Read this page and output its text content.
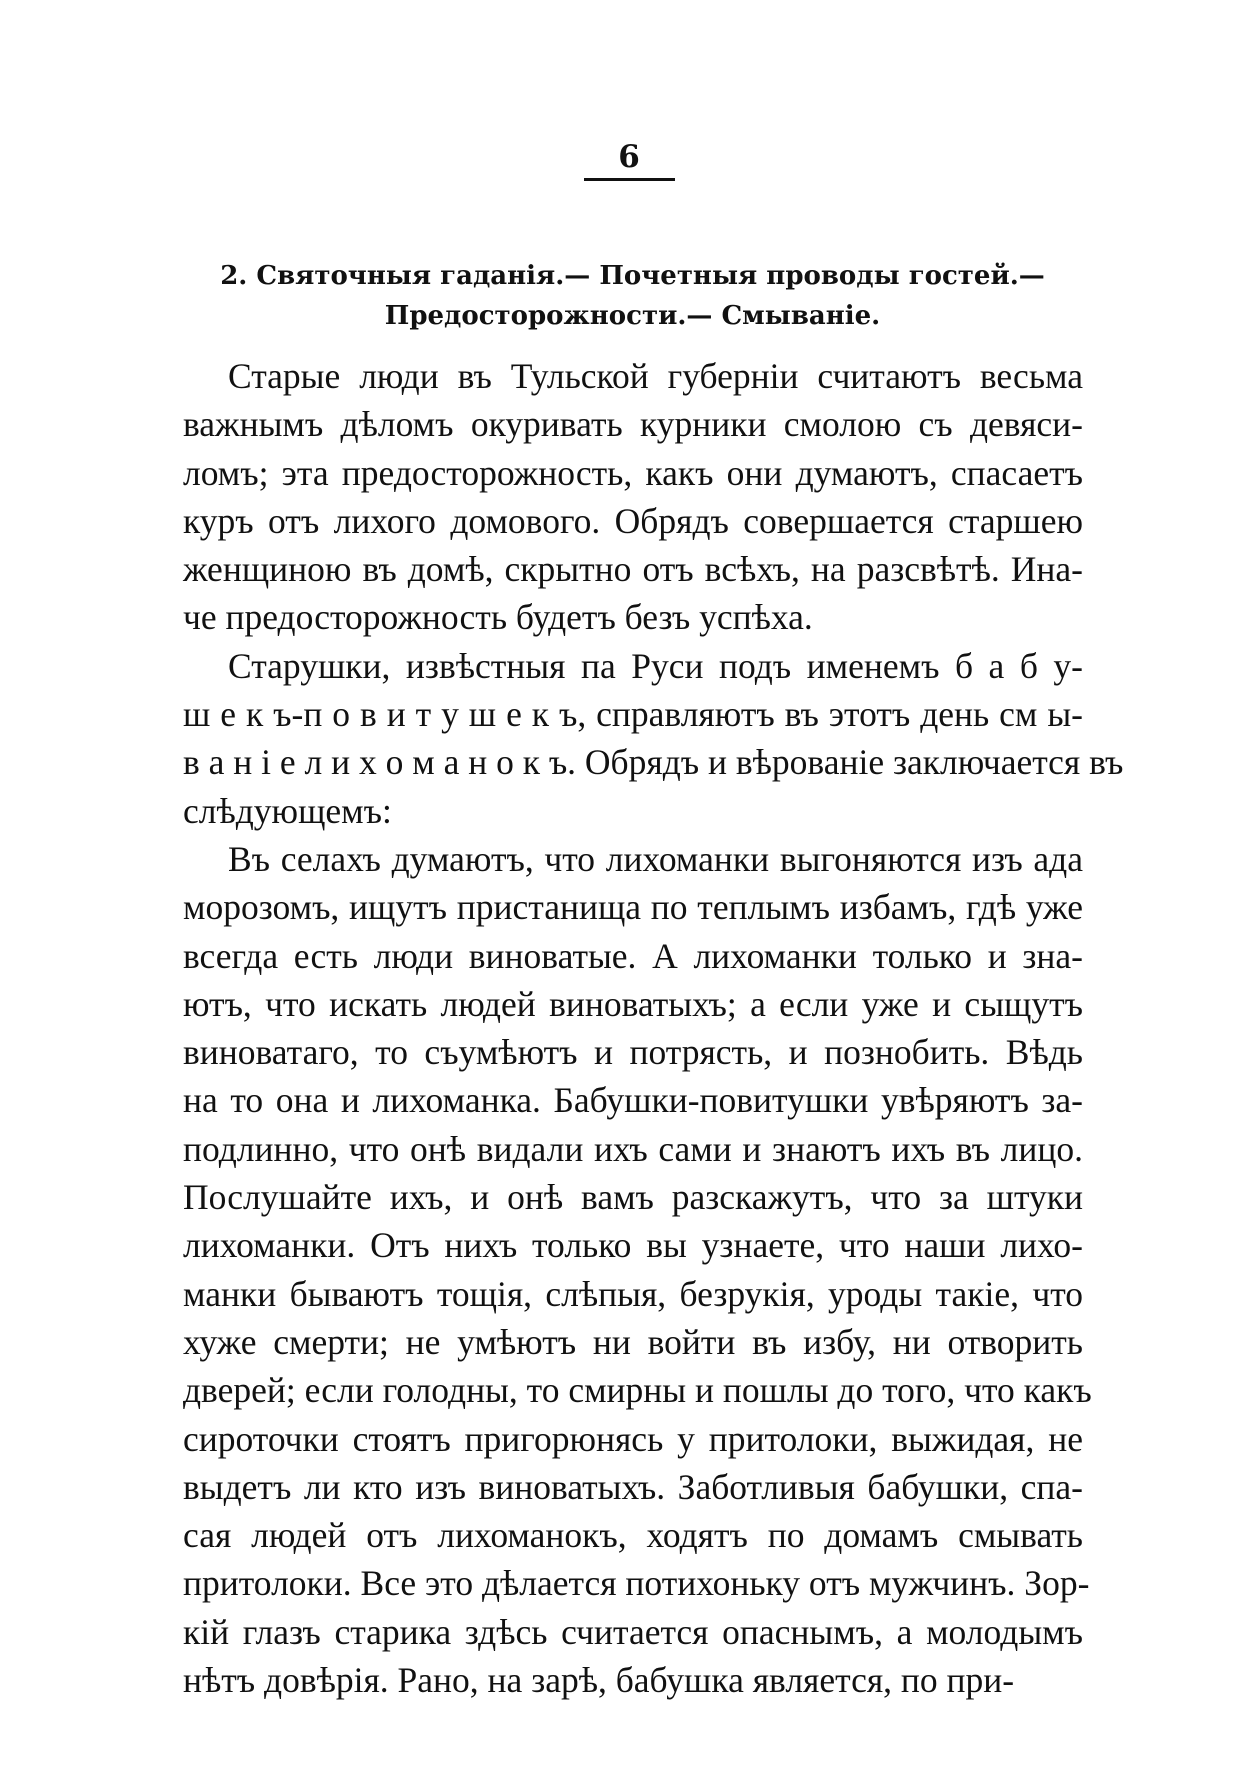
6
2. Святочныя гаданія.— Почетныя проводы гостей.—
Предосторожности.— Смываніе.
Старые люди въ Тульской губерніи считаютъ весьма
важнымъ дѣломъ окуривать курники смолою съ девяси-
ломъ; эта предосторожность, какъ они думаютъ, спасаетъ
куръ отъ лихого домового. Обрядъ совершается старшею
женщиною въ домѣ, скрытно отъ всѣхъ, на разсвѣтѣ. Ина-
че предосторожность будетъ безъ успѣха.
Старушки, извѣстныя па Руси подъ именемъ б а б у-
ш е к ъ-п о в и т у ш е к ъ, справляютъ въ этотъ день см ы-
в а н і е л и х о м а н о к ъ. Обрядъ и вѣрованіе заключается въ
слѣдующемъ:
Въ селахъ думаютъ, что лихоманки выгоняются изъ ада
морозомъ, ищутъ пристанища по теплымъ избамъ, гдѣ уже
всегда есть люди виноватые. А лихоманки только и зна-
ютъ, что искать людей виноватыхъ; а если уже и сыщутъ
виноватаго, то съумѣютъ и потрясть, и познобить. Вѣдь
на то она и лихоманка. Бабушки-повитушки увѣряютъ за-
подлинно, что онѣ видали ихъ сами и знаютъ ихъ въ лицо.
Послушайте ихъ, и онѣ вамъ разскажутъ, что за штуки
лихоманки. Отъ нихъ только вы узнаете, что наши лихо-
манки бываютъ тощія, слѣпыя, безрукія, уроды такіе, что
хуже смерти; не умѣютъ ни войти въ избу, ни отворить
дверей; если голодны, то смирны и пошлы до того, что какъ
сироточки стоятъ пригорюнясь у притолоки, выжидая, не
выдетъ ли кто изъ виноватыхъ. Заботливыя бабушки, спа-
сая людей отъ лихоманокъ, ходятъ по домамъ смывать
притолоки. Все это дѣлается потихоньку отъ мужчинъ. Зор-
кій глазъ старика здѣсь считается опаснымъ, а молодымъ
нѣтъ довѣрія. Рано, на зарѣ, бабушка является, по при-
